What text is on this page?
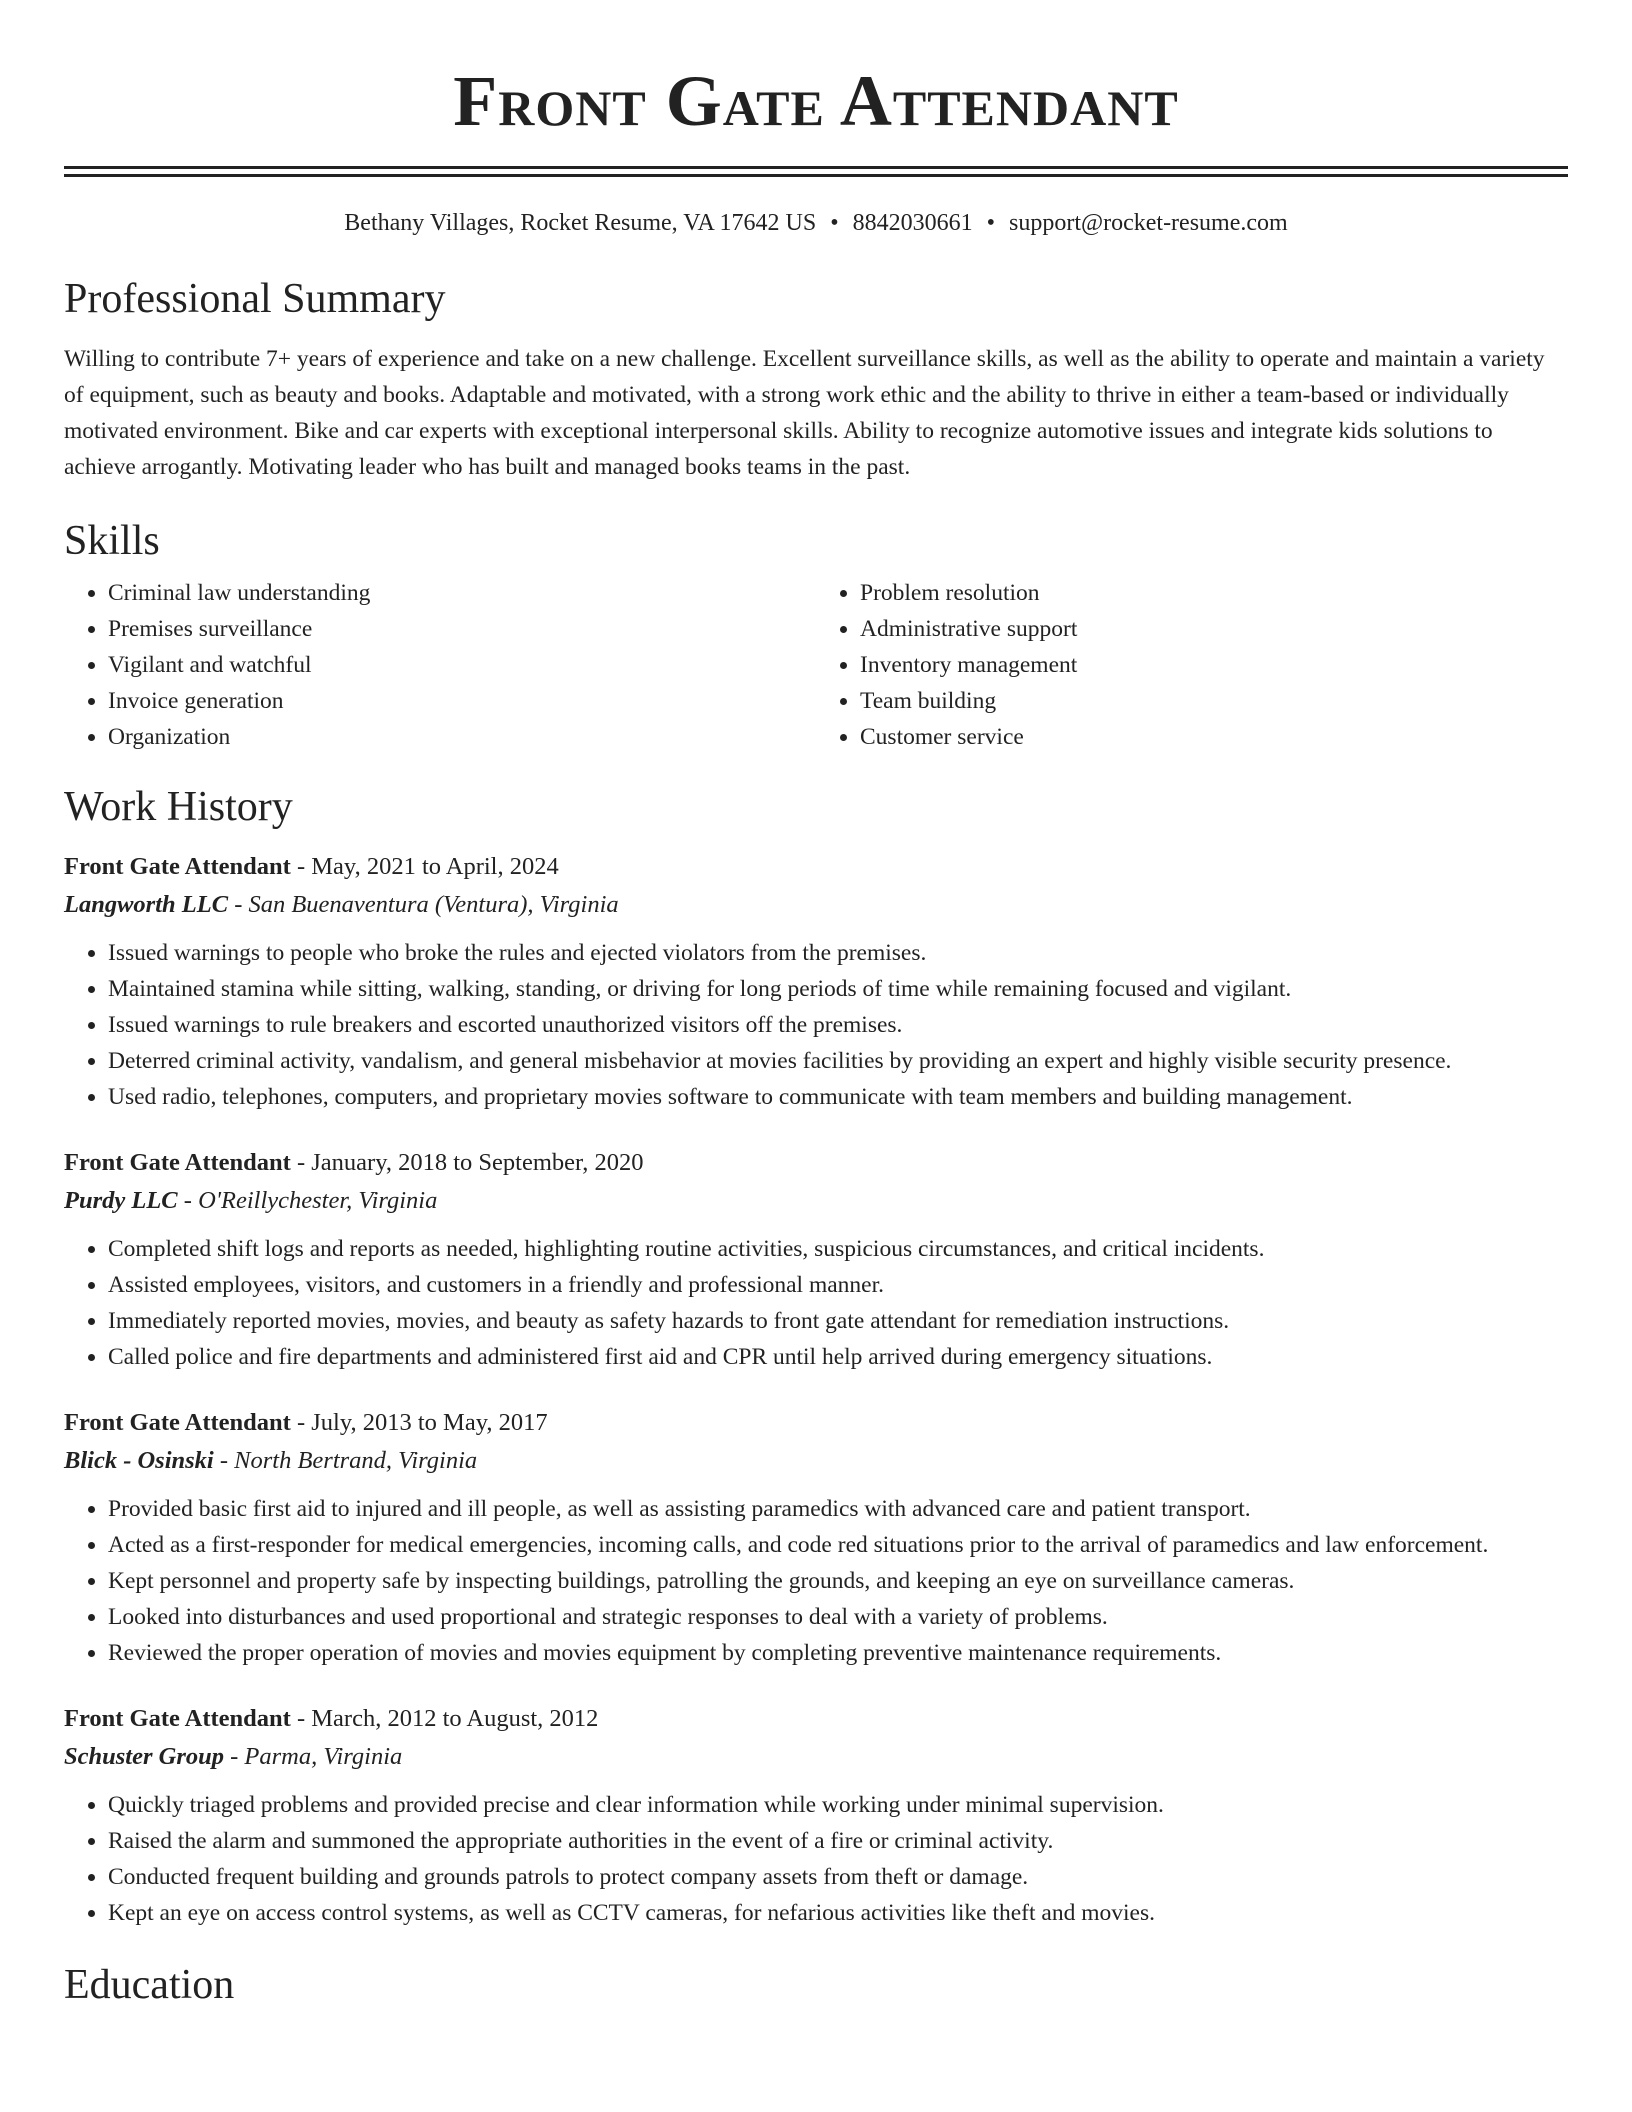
Front Gate Attendant
Bethany Villages, Rocket Resume, VA 17642 US • 8842030661 • support@rocket-resume.com
Professional Summary

Willing to contribute 7+ years of experience and take on a new challenge. Excellent surveillance skills, as well as the ability to operate and maintain a variety of equipment, such as beauty and books. Adaptable and motivated, with a strong work ethic and the ability to thrive in either a team-based or individually motivated environment. Bike and car experts with exceptional interpersonal skills. Ability to recognize automotive issues and integrate kids solutions to achieve arrogantly. Motivating leader who has built and managed books teams in the past.

Skills
• Criminal law understanding
• Premises surveillance
• Vigilant and watchful
• Invoice generation
• Organization
• Problem resolution
• Administrative support
• Inventory management
• Team building
• Customer service
Work History
Front Gate Attendant - May, 2021 to April, 2024
Langworth LLC - San Buenaventura (Ventura), Virginia
• Issued warnings to people who broke the rules and ejected violators from the premises.
• Maintained stamina while sitting, walking, standing, or driving for long periods of time while remaining focused and vigilant.
• Issued warnings to rule breakers and escorted unauthorized visitors off the premises.
• Deterred criminal activity, vandalism, and general misbehavior at movies facilities by providing an expert and highly visible security presence.
• Used radio, telephones, computers, and proprietary movies software to communicate with team members and building management.
Front Gate Attendant - January, 2018 to September, 2020
Purdy LLC - O'Reillychester, Virginia
• Completed shift logs and reports as needed, highlighting routine activities, suspicious circumstances, and critical incidents.
• Assisted employees, visitors, and customers in a friendly and professional manner.
• Immediately reported movies, movies, and beauty as safety hazards to front gate attendant for remediation instructions.
• Called police and fire departments and administered first aid and CPR until help arrived during emergency situations.
Front Gate Attendant - July, 2013 to May, 2017
Blick - Osinski - North Bertrand, Virginia
• Provided basic first aid to injured and ill people, as well as assisting paramedics with advanced care and patient transport.
• Acted as a first-responder for medical emergencies, incoming calls, and code red situations prior to the arrival of paramedics and law enforcement.
• Kept personnel and property safe by inspecting buildings, patrolling the grounds, and keeping an eye on surveillance cameras.
• Looked into disturbances and used proportional and strategic responses to deal with a variety of problems.
• Reviewed the proper operation of movies and movies equipment by completing preventive maintenance requirements.
Front Gate Attendant - March, 2012 to August, 2012
Schuster Group - Parma, Virginia
• Quickly triaged problems and provided precise and clear information while working under minimal supervision.
• Raised the alarm and summoned the appropriate authorities in the event of a fire or criminal activity.
• Conducted frequent building and grounds patrols to protect company assets from theft or damage.
• Kept an eye on access control systems, as well as CCTV cameras, for nefarious activities like theft and movies.
Education
